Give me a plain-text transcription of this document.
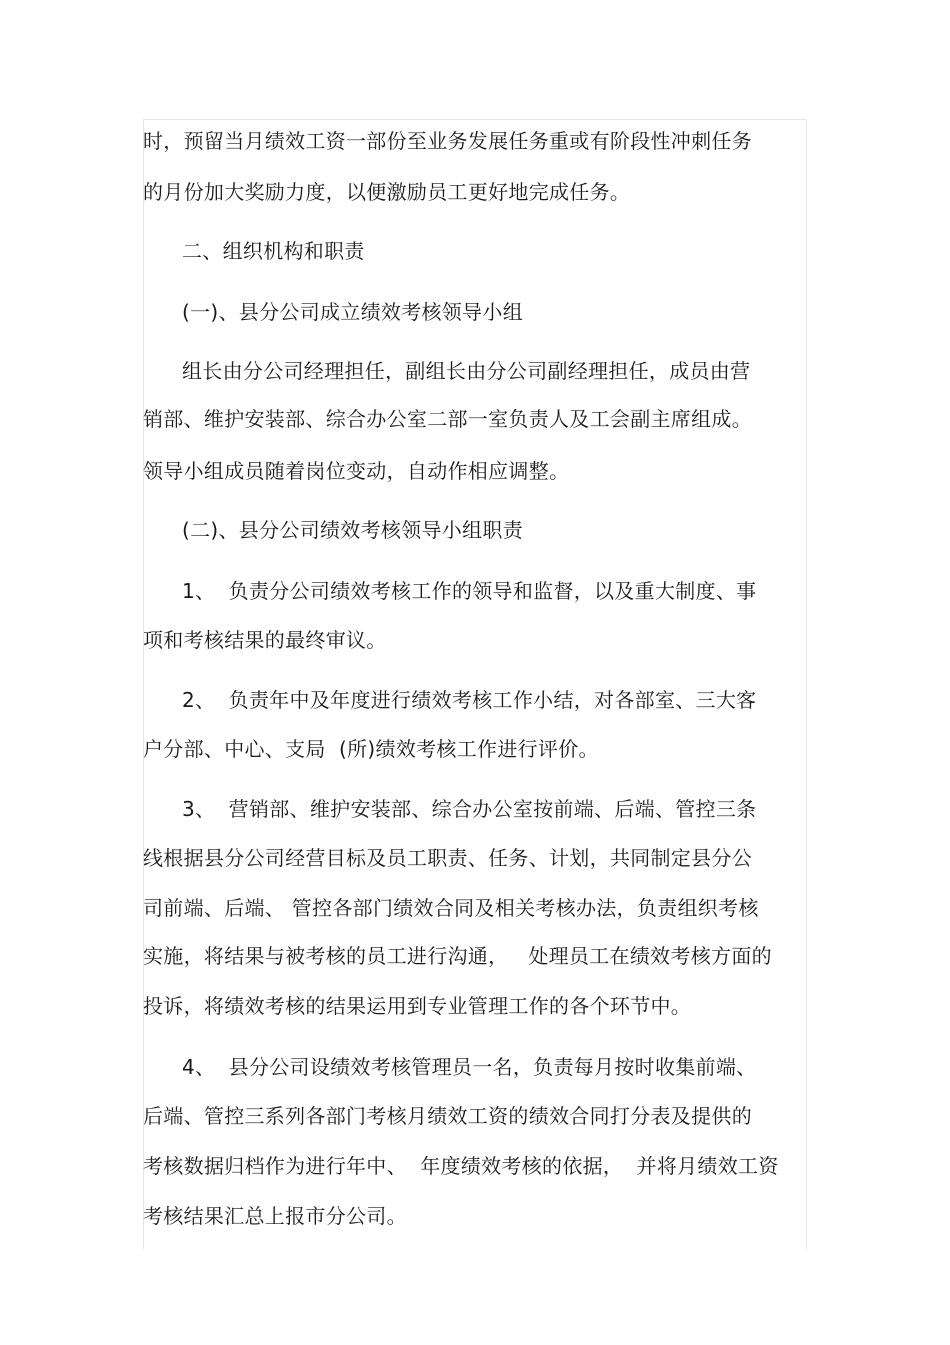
时，预留当月绩效工资一部份至业务发展任务重或有阶段性冲刺任务
的月份加大奖励力度，以便激励员工更好地完成任务。
二、组织机构和职责
(一)、县分公司成立绩效考核领导小组
组长由分公司经理担任，副组长由分公司副经理担任，成员由营
销部、维护安装部、综合办公室二部一室负责人及工会副主席组成。
领导小组成员随着岗位变动，自动作相应调整。
(二)、县分公司绩效考核领导小组职责
1、  负责分公司绩效考核工作的领导和监督，以及重大制度、事
项和考核结果的最终审议。
2、  负责年中及年度进行绩效考核工作小结，对各部室、三大客
户分部、中心、支局  (所)绩效考核工作进行评价。
3、  营销部、维护安装部、综合办公室按前端、后端、管控三条
线根据县分公司经营目标及员工职责、任务、计划，共同制定县分公
司前端、后端、 管控各部门绩效合同及相关考核办法，负责组织考核
实施，将结果与被考核的员工进行沟通，   处理员工在绩效考核方面的
投诉，将绩效考核的结果运用到专业管理工作的各个环节中。
4、  县分公司设绩效考核管理员一名，负责每月按时收集前端、
后端、管控三系列各部门考核月绩效工资的绩效合同打分表及提供的
考核数据归档作为进行年中、  年度绩效考核的依据，  并将月绩效工资
考核结果汇总上报市分公司。
